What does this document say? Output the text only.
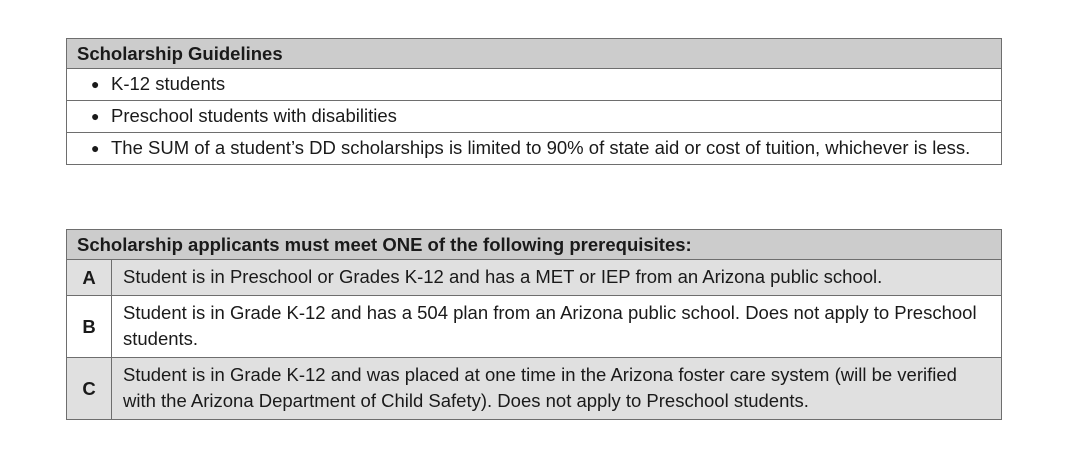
Scholarship Guidelines

● K-12 students

● Preschool students with disabilities

● The SUM of a student’s DD scholarships is limited to 90% of state aid or cost of tuition, whichever is less.
Scholarship applicants must meet ONE of the following prerequisites:	
A	Student is in Preschool or Grades K-12 and has a MET or IEP from an Arizona public school.
B	Student is in Grade K-12 and has a 504 plan from an Arizona public school. Does not apply to Preschool students.
C	Student is in Grade K-12 and was placed at one time in the Arizona foster care system (will be verified with the Arizona Department of Child Safety). Does not apply to Preschool students.
